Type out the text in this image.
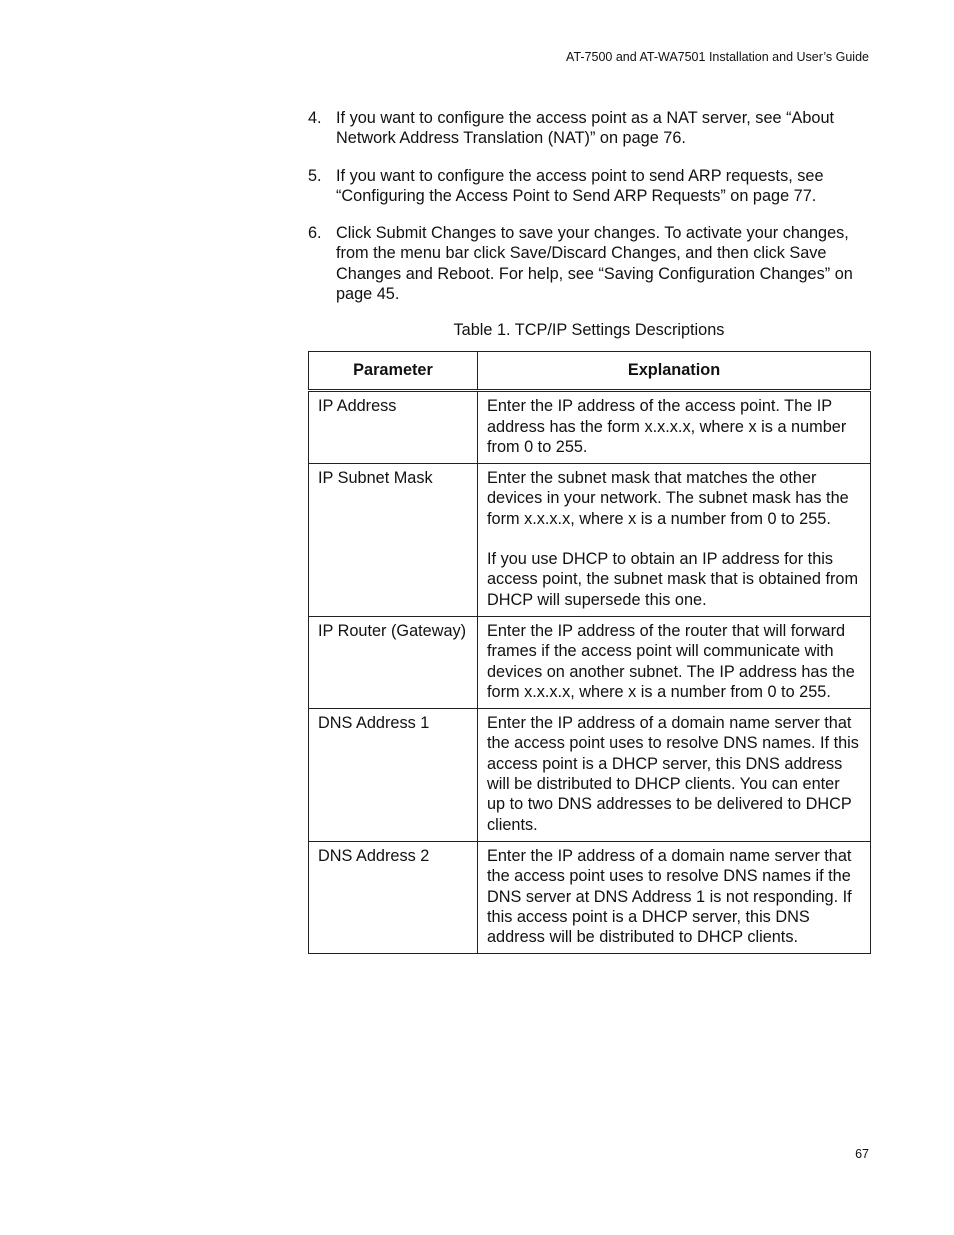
AT-7500 and AT-WA7501 Installation and User’s Guide
4. If you want to configure the access point as a NAT server, see “About Network Address Translation (NAT)” on page 76.
5. If you want to configure the access point to send ARP requests, see “Configuring the Access Point to Send ARP Requests” on page 77.
6. Click Submit Changes to save your changes. To activate your changes, from the menu bar click Save/Discard Changes, and then click Save Changes and Reboot. For help, see “Saving Configuration Changes” on page 45.
Table 1. TCP/IP Settings Descriptions
Parameter	Explanation
IP Address	Enter the IP address of the access point. The IP address has the form x.x.x.x, where x is a number from 0 to 255.
IP Subnet Mask	Enter the subnet mask that matches the other devices in your network. The subnet mask has the form x.x.x.x, where x is a number from 0 to 255.
If you use DHCP to obtain an IP address for this access point, the subnet mask that is obtained from DHCP will supersede this one.
IP Router (Gateway)	Enter the IP address of the router that will forward frames if the access point will communicate with devices on another subnet. The IP address has the form x.x.x.x, where x is a number from 0 to 255.
DNS Address 1	Enter the IP address of a domain name server that the access point uses to resolve DNS names. If this access point is a DHCP server, this DNS address will be distributed to DHCP clients. You can enter up to two DNS addresses to be delivered to DHCP clients.
DNS Address 2	Enter the IP address of a domain name server that the access point uses to resolve DNS names if the DNS server at DNS Address 1 is not responding. If this access point is a DHCP server, this DNS address will be distributed to DHCP clients.
67
